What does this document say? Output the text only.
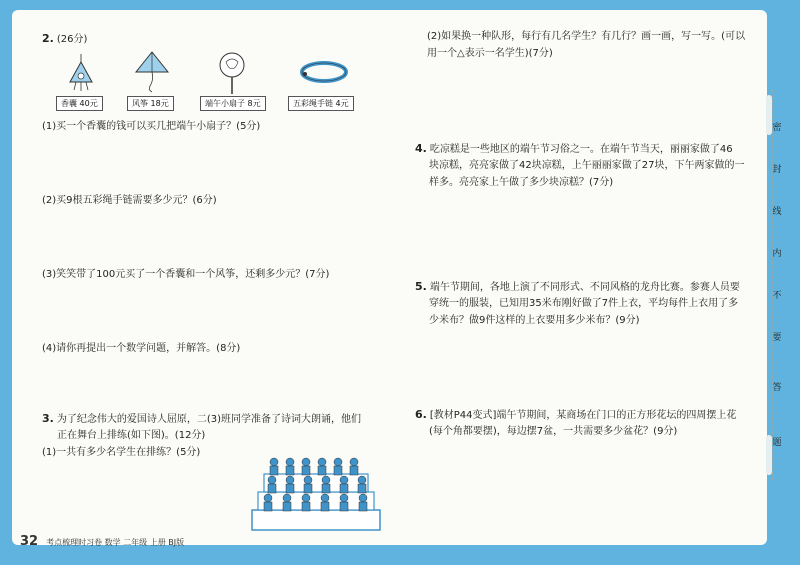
2. (26分)
香囊 40元	风筝 18元	端午小扇子 8元	五彩绳手链 4元
(1)买一个香囊的钱可以买几把端午小扇子？(5分)
(2)买9根五彩绳手链需要多少元？(6分)
(3)笑笑带了100元买了一个香囊和一个风筝，还剩多少元？(7分)
(4)请你再提出一个数学问题，并解答。(8分)
3. 为了纪念伟大的爱国诗人屈原，二(3)班同学准备了诗词大朗诵，他们
正在舞台上排练(如下图)。(12分)
(1)一共有多少名学生在排练？(5分)
(2)如果换一种队形，每行有几名学生？有几行？画一画，写一写。(可以
用一个△表示一名学生)(7分)
4. 吃凉糕是一些地区的端午节习俗之一。在端午节当天，丽丽家做了46
块凉糕，亮亮家做了42块凉糕，上午丽丽家做了27块，下午两家做的一
样多。亮亮家上午做了多少块凉糕？(7分)
5. 端午节期间，各地上演了不同形式、不同风格的龙舟比赛。参赛人员要
穿统一的服装，已知用35米布刚好做了7件上衣，平均每件上衣用了多
少米布？做9件这样的上衣要用多少米布？(9分)
6. [教材P44变式]端午节期间，某商场在门口的正方形花坛的四周摆上花
(每个角都要摆)，每边摆7盆，一共需要多少盆花？(9分)
32 考点梳理时习卷 数学 二年级 上册 BJ版
密
封
线
内
不
要
答
题
